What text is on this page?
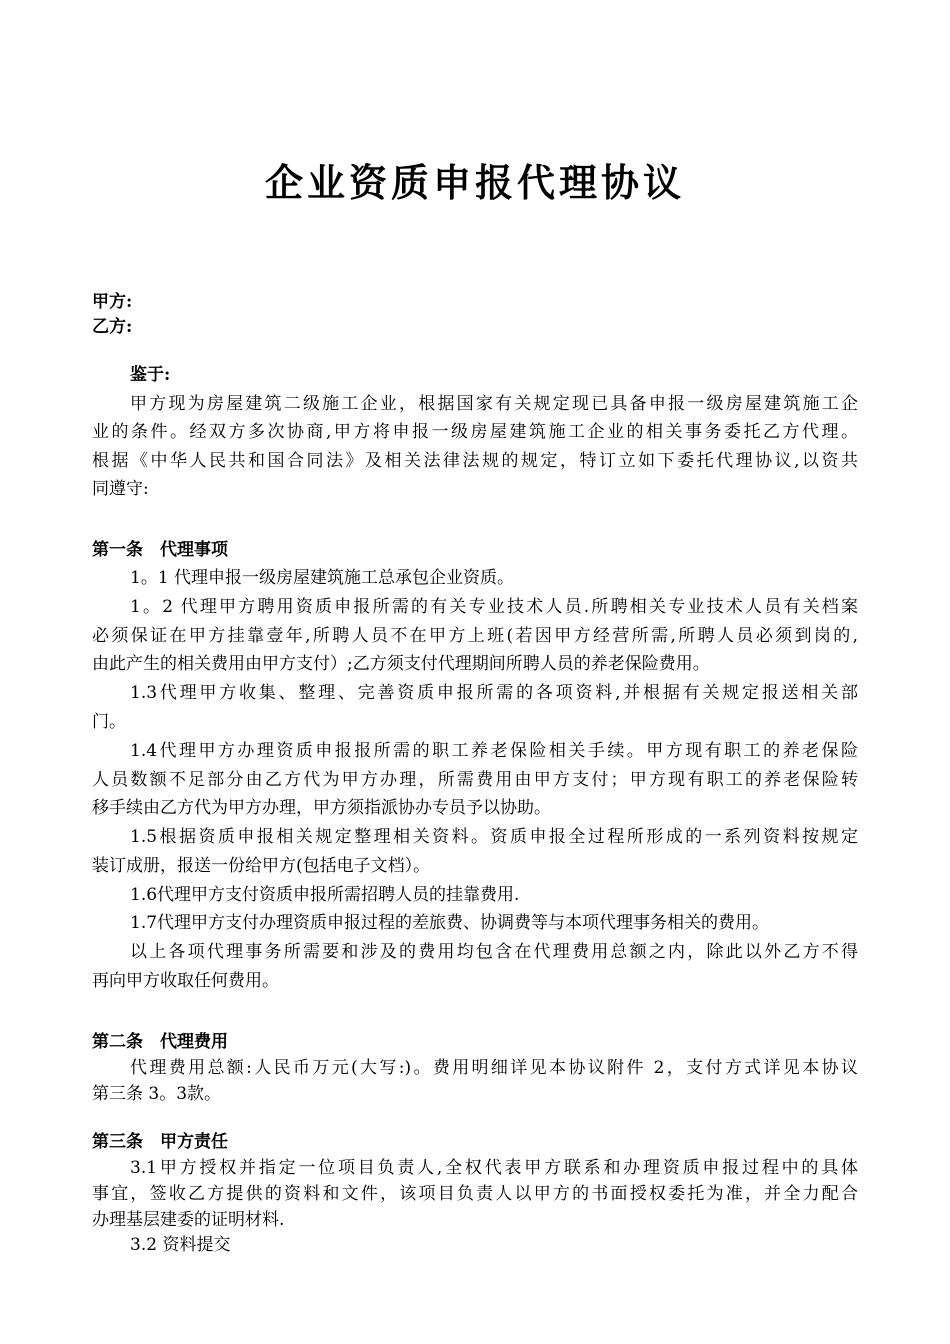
企业资质申报代理协议
甲方:
乙方:
鉴于:
甲方现为房屋建筑二级施工企业，根据国家有关规定现已具备申报一级房屋建筑施工企
业的条件。经双方多次协商,甲方将申报一级房屋建筑施工企业的相关事务委托乙方代理。
根据《中华人民共和国合同法》及相关法律法规的规定，特订立如下委托代理协议,以资共
同遵守:
第一条　代理事项
1。1 代理申报一级房屋建筑施工总承包企业资质。
1。2 代理甲方聘用资质申报所需的有关专业技术人员.所聘相关专业技术人员有关档案
必须保证在甲方挂靠壹年,所聘人员不在甲方上班(若因甲方经营所需,所聘人员必须到岗的,
由此产生的相关费用由甲方支付）;乙方须支付代理期间所聘人员的养老保险费用。
1.3代理甲方收集、整理、完善资质申报所需的各项资料,并根据有关规定报送相关部
门。
1.4代理甲方办理资质申报报所需的职工养老保险相关手续。甲方现有职工的养老保险
人员数额不足部分由乙方代为甲方办理，所需费用由甲方支付；甲方现有职工的养老保险转
移手续由乙方代为甲方办理，甲方须指派协办专员予以协助。
1.5根据资质申报相关规定整理相关资料。资质申报全过程所形成的一系列资料按规定
装订成册，报送一份给甲方(包括电子文档）。
1.6代理甲方支付资质申报所需招聘人员的挂靠费用.
1.7代理甲方支付办理资质申报过程的差旅费、协调费等与本项代理事务相关的费用。
以上各项代理事务所需要和涉及的费用均包含在代理费用总额之内，除此以外乙方不得
再向甲方收取任何费用。
第二条　代理费用
代理费用总额:人民币万元(大写:)。费用明细详见本协议附件 2，支付方式详见本协议
第三条 3。3款。
第三条　甲方责任
3.1甲方授权并指定一位项目负责人,全权代表甲方联系和办理资质申报过程中的具体
事宜，签收乙方提供的资料和文件，该项目负责人以甲方的书面授权委托为准，并全力配合
办理基层建委的证明材料.
3.2 资料提交
